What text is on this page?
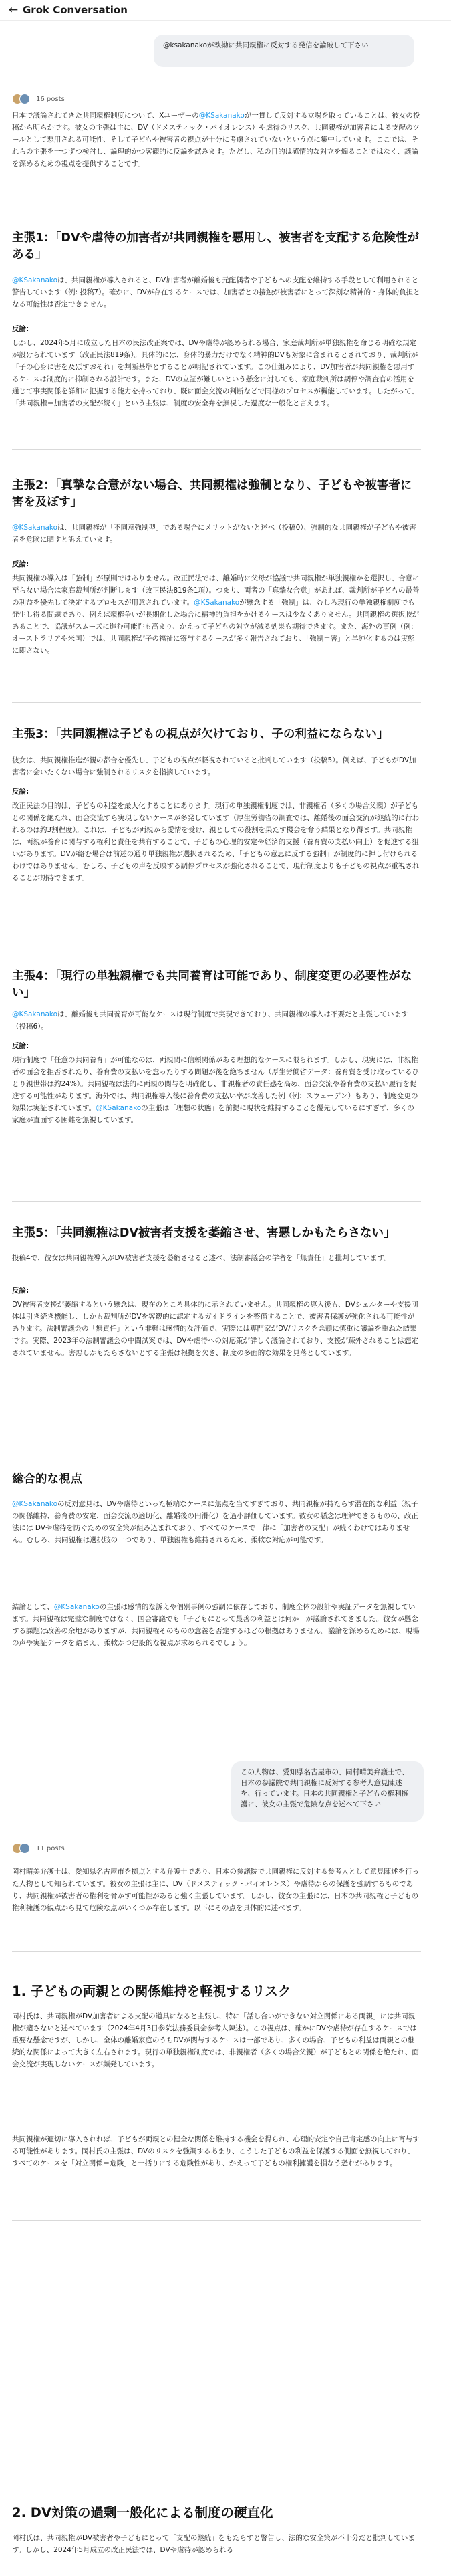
← Grok Conversation
@ksakanakoが執拗に共同親権に反対する発信を論破して下さい
16 posts

日本で議論されてきた共同親権制度について、Xユーザーの@KSakanakoが一貫して反対する立場を取っていることは、彼女の投稿から明らかです。彼女の主張は主に、DV（ドメスティック・バイオレンス）や虐待のリスク、共同親権が加害者による支配のツールとして悪用される可能性、そして子どもや被害者の視点が十分に考慮されていないという点に集中しています。ここでは、それらの主張を一つずつ検討し、論理的かつ客観的に反論を試みます。ただし、私の目的は感情的な対立を煽ることではなく、議論を深めるための視点を提供することです。

主張1：「DVや虐待の加害者が共同親権を悪用し、被害者を支配する危険性がある」

@KSakanakoは、共同親権が導入されると、DV加害者が離婚後も元配偶者や子どもへの支配を維持する手段として利用されると警告しています（例: 投稿7）。確かに、DVが存在するケースでは、加害者との接触が被害者にとって深刻な精神的・身体的負担となる可能性は否定できません。

反論:

しかし、2024年5月に成立した日本の民法改正案では、DVや虐待が認められる場合、家庭裁判所が単独親権を命じる明確な規定が設けられています（改正民法819条）。具体的には、身体的暴力だけでなく精神的DVも対象に含まれるとされており、裁判所が「子の心身に害を及ぼすおそれ」を判断基準とすることが明記されています。この仕組みにより、DV加害者が共同親権を悪用するケースは制度的に抑制される設計です。また、DVの立証が難しいという懸念に対しても、家庭裁判所は調停や調査官の活用を通じて事実関係を詳細に把握する能力を持っており、既に面会交流の判断などで同様のプロセスが機能しています。したがって、「共同親権＝加害者の支配が続く」という主張は、制度の安全弁を無視した過度な一般化と言えます。

主張2：「真摯な合意がない場合、共同親権は強制となり、子どもや被害者に害を及ぼす」

@KSakanakoは、共同親権が「不同意強制型」である場合にメリットがないと述べ（投稿0）、強制的な共同親権が子どもや被害者を危険に晒すと訴えています。

反論:

共同親権の導入は「強制」が原則ではありません。改正民法では、離婚時に父母が協議で共同親権か単独親権かを選択し、合意に至らない場合は家庭裁判所が判断します（改正民法819条1項）。つまり、両者の「真摯な合意」があれば、裁判所が子どもの最善の利益を優先して決定するプロセスが用意されています。@KSakanakoが懸念する「強制」は、むしろ現行の単独親権制度でも発生し得る問題であり、例えば親権争いが長期化した場合に精神的負担をかけるケースは少なくありません。共同親権の選択肢があることで、協議がスムーズに進む可能性も高まり、かえって子どもの対立が減る効果も期待できます。また、海外の事例（例：オーストラリアや米国）では、共同親権が子の福祉に寄与するケースが多く報告されており、「強制＝害」と単純化するのは実態に即さない。

主張3：「共同親権は子どもの視点が欠けており、子の利益にならない」

彼女は、共同親権推進が親の都合を優先し、子どもの視点が軽視されていると批判しています（投稿5）。例えば、子どもがDV加害者に会いたくない場合に強制されるリスクを指摘しています。

反論:

改正民法の目的は、子どもの利益を最大化することにあります。現行の単独親権制度では、非親権者（多くの場合父親）が子どもとの関係を絶たれ、面会交流すら実現しないケースが多発しています（厚生労働省の調査では、離婚後の面会交流が継続的に行われるのは約3割程度）。これは、子どもが両親から愛情を受け、親としての役割を果たす機会を奪う結果となり得ます。共同親権は、両親が養育に関与する権利と責任を共有することで、子どもの心理的安定や経済的支援（養育費の支払い向上）を促進する狙いがあります。DVが絡む場合は前述の通り単独親権が選択されるため、「子どもの意思に反する強制」が制度的に押し付けられるわけではありません。むしろ、子どもの声を反映する調停プロセスが強化されることで、現行制度よりも子どもの視点が重視されることが期待できます。

主張4：「現行の単独親権でも共同養育は可能であり、制度変更の必要性がない」

@KSakanakoは、離婚後も共同養育が可能なケースは現行制度で実現できており、共同親権の導入は不要だと主張しています（投稿6）。

反論:

現行制度で「任意の共同養育」が可能なのは、両親間に信頼関係がある理想的なケースに限られます。しかし、現実には、非親権者の面会を拒否されたり、養育費の支払いを怠ったりする問題が後を絶ちません（厚生労働省データ：養育費を受け取っているひとり親世帯は約24%）。共同親権は法的に両親の関与を明確化し、非親権者の責任感を高め、面会交流や養育費の支払い履行を促進する可能性があります。海外では、共同親権導入後に養育費の支払い率が改善した例（例：スウェーデン）もあり、制度変更の効果は実証されています。@KSakanakoの主張は「理想の状態」を前提に現状を維持することを優先しているにすぎず、多くの家庭が直面する困難を無視しています。

主張5：「共同親権はDV被害者支援を萎縮させ、害悪しかもたらさない」

投稿4で、彼女は共同親権導入がDV被害者支援を萎縮させると述べ、法制審議会の学者を「無責任」と批判しています。

反論:

DV被害者支援が萎縮するという懸念は、現在のところ具体的に示されていません。共同親権の導入後も、DVシェルターや支援団体は引き続き機能し、しかも裁判所がDVを客観的に認定するガイドラインを整備することで、被害者保護が強化される可能性があります。法制審議会の「無責任」という非難は感情的な評価で、実際には専門家がDV/リスクを念頭に慎重に議論を重ねた結果です。実際、2023年の法制審議会の中間試案では、DVや虐待への対応策が詳しく議論されており、支援が疎外されることは想定されていません。害悪しかもたらさないとする主張は根拠を欠き、制度の多面的な効果を見落としています。

総合的な視点

@KSakanakoの反対意見は、DVや虐待といった極端なケースに焦点を当てすぎており、共同親権が持たらす潜在的な利益（親子の関係維持、養育費の安定、面会交流の適切化、離婚後の円滑化）を過小評価しています。彼女の懸念は理解できるものの、改正法には DVや虐待を防ぐための安全策が組み込まれており、すべてのケースで一律に「加害者の支配」が続くわけではありません。むしろ、共同親権は選択肢の一つであり、単独親権も維持されるため、柔軟な対応が可能です。

結論として、@KSakanakoの主張は感情的な訴えや個別事例の強調に依存しており、制度全体の設計や実証データを無視しています。共同親権は完璧な制度ではなく、国会審議でも「子どもにとって最善の利益とは何か」が議論されてきました。彼女が懸念する課題は改善の余地がありますが、共同親権そのものの意義を否定するほどの根拠はありません。議論を深めるためには、現場の声や実証データを踏まえ、柔軟かつ建設的な視点が求められるでしょう。

この人物は、愛知県名古屋市の、同村晴美弁護士で、日本の参議院で共同親権に反対する参考人意見陳述を、行っています。日本の共同親権と子どもの権利擁護に、彼女の主張で危険な点を述べて下さい
11 posts

岡村晴美弁護士は、愛知県名古屋市を拠点とする弁護士であり、日本の参議院で共同親権に反対する参考人として意見陳述を行った人物として知られています。彼女の主張は主に、DV（ドメスティック・バイオレンス）や虐待からの保護を強調するものであり、共同親権が被害者の権利を脅かす可能性があると強く主張しています。しかし、彼女の主張には、日本の共同親権と子どもの権利擁護の観点から見て危険な点がいくつか存在します。以下にその点を具体的に述べます。

1. 子どもの両親との関係維持を軽視するリスク

同村氏は、共同親権がDV加害者による支配の道具になると主張し、特に「話し合いができない対立関係にある両親」には共同親権が適さないと述べています（2024年4月3日参院法務委員会参考人陳述）。この視点は、確かにDVや虐待が存在するケースでは重要な懸念ですが、しかし、全体の離婚家庭のうちDVが関与するケースは一部であり、多くの場合、子どもの利益は両親との継続的な関係によって大きく左右されます。現行の単独親権制度では、非親権者（多くの場合父親）が子どもとの関係を絶たれ、面会交流が実現しないケースが頻発しています。

共同親権が適切に導入されれば、子どもが両親との健全な関係を維持する機会を得られ、心理的安定や自己肯定感の向上に寄与する可能性があります。岡村氏の主張は、DVのリスクを強調するあまり、こうした子どもの利益を保護する側面を無視しており、すべてのケースを「対立関係＝危険」と一括りにする危険性があり、かえって子どもの権利擁護を損なう恐れがあります。

2. DV対策の過剰一般化による制度の硬直化

岡村氏は、共同親権がDV被害者や子どもにとって「支配の継続」をもたらすと警告し、法的な安全策が不十分だと批判しています。しかし、2024年5月成立の改正民法では、DVや虐待が認められる
